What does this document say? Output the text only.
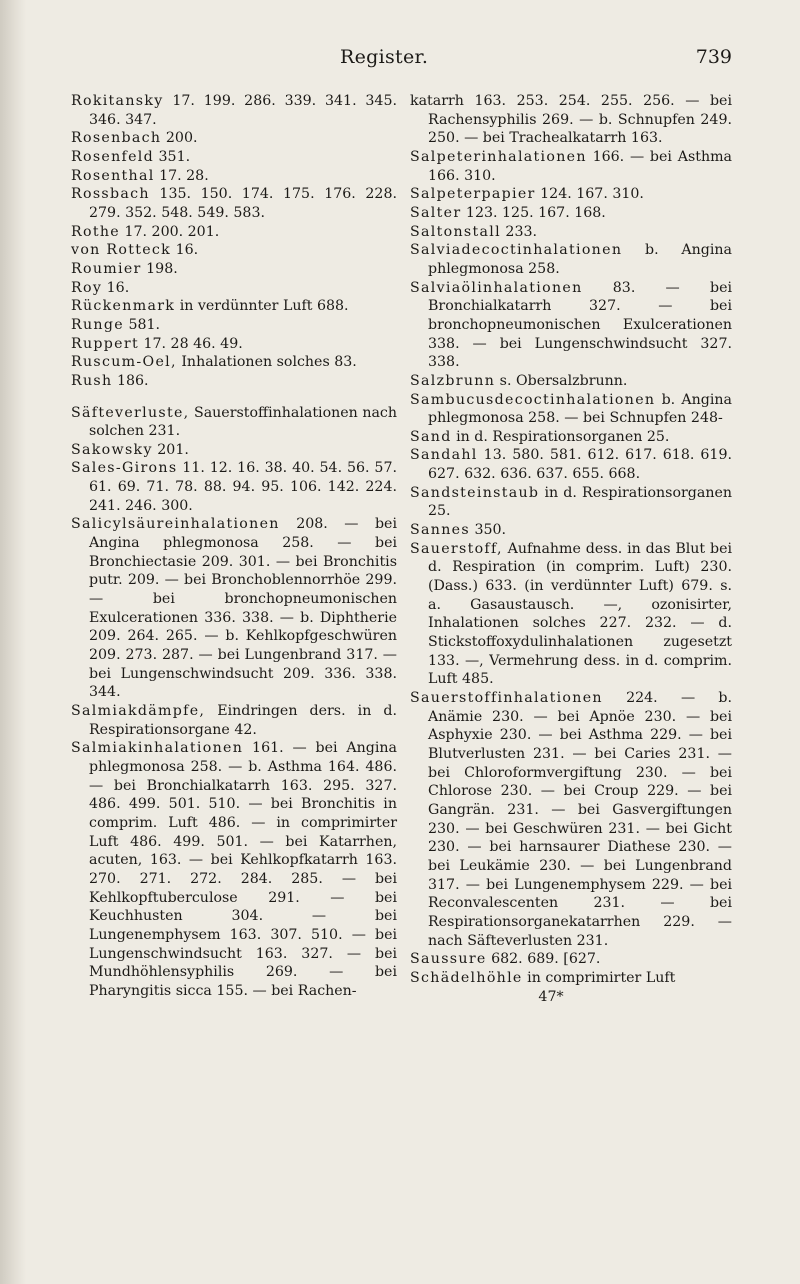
Register.	739

Rokitansky 17. 199. 286. 339. 341. 345. 346. 347.

Rosenbach 200.

Rosenfeld 351.

Rosenthal 17. 28.

Rossbach 135. 150. 174. 175. 176. 228. 279. 352. 548. 549. 583.

Rothe 17. 200. 201.

von Rotteck 16.

Roumier 198.

Roy 16.

Rückenmark in verdünnter Luft 688.

Runge 581.

Ruppert 17. 28 46. 49.

Ruscum-Oel, Inhalationen solches 83.

Rush 186.

Säfteverluste, Sauerstoffinhalationen nach solchen 231.

Sakowsky 201.

Sales-Girons 11. 12. 16. 38. 40. 54. 56. 57. 61. 69. 71. 78. 88. 94. 95. 106. 142. 224. 241. 246. 300.

Salicylsäureinhalationen 208. — bei Angina phlegmonosa 258. — bei Bronchiectasie 209. 301. — bei Bronchitis putr. 209. — bei Bronchoblennorrhöe 299. — bei bronchopneumonischen Exulcerationen 336. 338. — b. Diphtherie 209. 264. 265. — b. Kehlkopfgeschwüren 209. 273. 287. — bei Lungenbrand 317. — bei Lungenschwindsucht 209. 336. 338. 344.

Salmiakdämpfe, Eindringen ders. in d. Respirationsorgane 42.

Salmiakinhalationen 161. — bei Angina phlegmonosa 258. — b. Asthma 164. 486. — bei Bronchialkatarrh 163. 295. 327. 486. 499. 501. 510. — bei Bronchitis in comprim. Luft 486. — in comprimirter Luft 486. 499. 501. — bei Katarrhen, acuten, 163. — bei Kehlkopfkatarrh 163. 270. 271. 272. 284. 285. — bei Kehlkopftuberculose 291. — bei Keuchhusten 304. — bei Lungenemphysem 163. 307. 510. — bei Lungenschwindsucht 163. 327. — bei Mundhöhlensyphilis 269. — bei Pharyngitis sicca 155. — bei Rachen-

katarrh 163. 253. 254. 255. 256. — bei Rachensyphilis 269. — b. Schnupfen 249. 250. — bei Trachealkatarrh 163.

Salpeterinhalationen 166. — bei Asthma 166. 310.

Salpeterpapier 124. 167. 310.

Salter 123. 125. 167. 168.

Saltonstall 233.

Salviadecoctinhalationen b. Angina phlegmonosa 258.

Salviaölinhalationen 83. — bei Bronchialkatarrh 327. — bei bronchopneumonischen Exulcerationen 338. — bei Lungenschwindsucht 327. 338.

Salzbrunn s. Obersalzbrunn.

Sambucusdecoctinhalationen b. Angina phlegmonosa 258. — bei Schnupfen 248-

Sand in d. Respirationsorganen 25.

Sandahl 13. 580. 581. 612. 617. 618. 619. 627. 632. 636. 637. 655. 668.

Sandsteinstaub in d. Respirationsorganen 25.

Sannes 350.

Sauerstoff, Aufnahme dess. in das Blut bei d. Respiration (in comprim. Luft) 230. (Dass.) 633. (in verdünnter Luft) 679. s. a. Gasaustausch. —, ozonisirter, Inhalationen solches 227. 232. — d. Stickstoffoxydulinhalationen zugesetzt 133. —, Vermehrung dess. in d. comprim. Luft 485.

Sauerstoffinhalationen 224. — b. Anämie 230. — bei Apnöe 230. — bei Asphyxie 230. — bei Asthma 229. — bei Blutverlusten 231. — bei Caries 231. — bei Chloroformvergiftung 230. — bei Chlorose 230. — bei Croup 229. — bei Gangrän. 231. — bei Gasvergiftungen 230. — bei Geschwüren 231. — bei Gicht 230. — bei harnsaurer Diathese 230. — bei Leukämie 230. — bei Lungenbrand 317. — bei Lungenemphysem 229. — bei Reconvalescenten 231. — bei Respirationsorganekatarrhen 229. — nach Säfteverlusten 231.

Saussure 682. 689. [627.

Schädelhöhle in comprimirter Luft

47*
